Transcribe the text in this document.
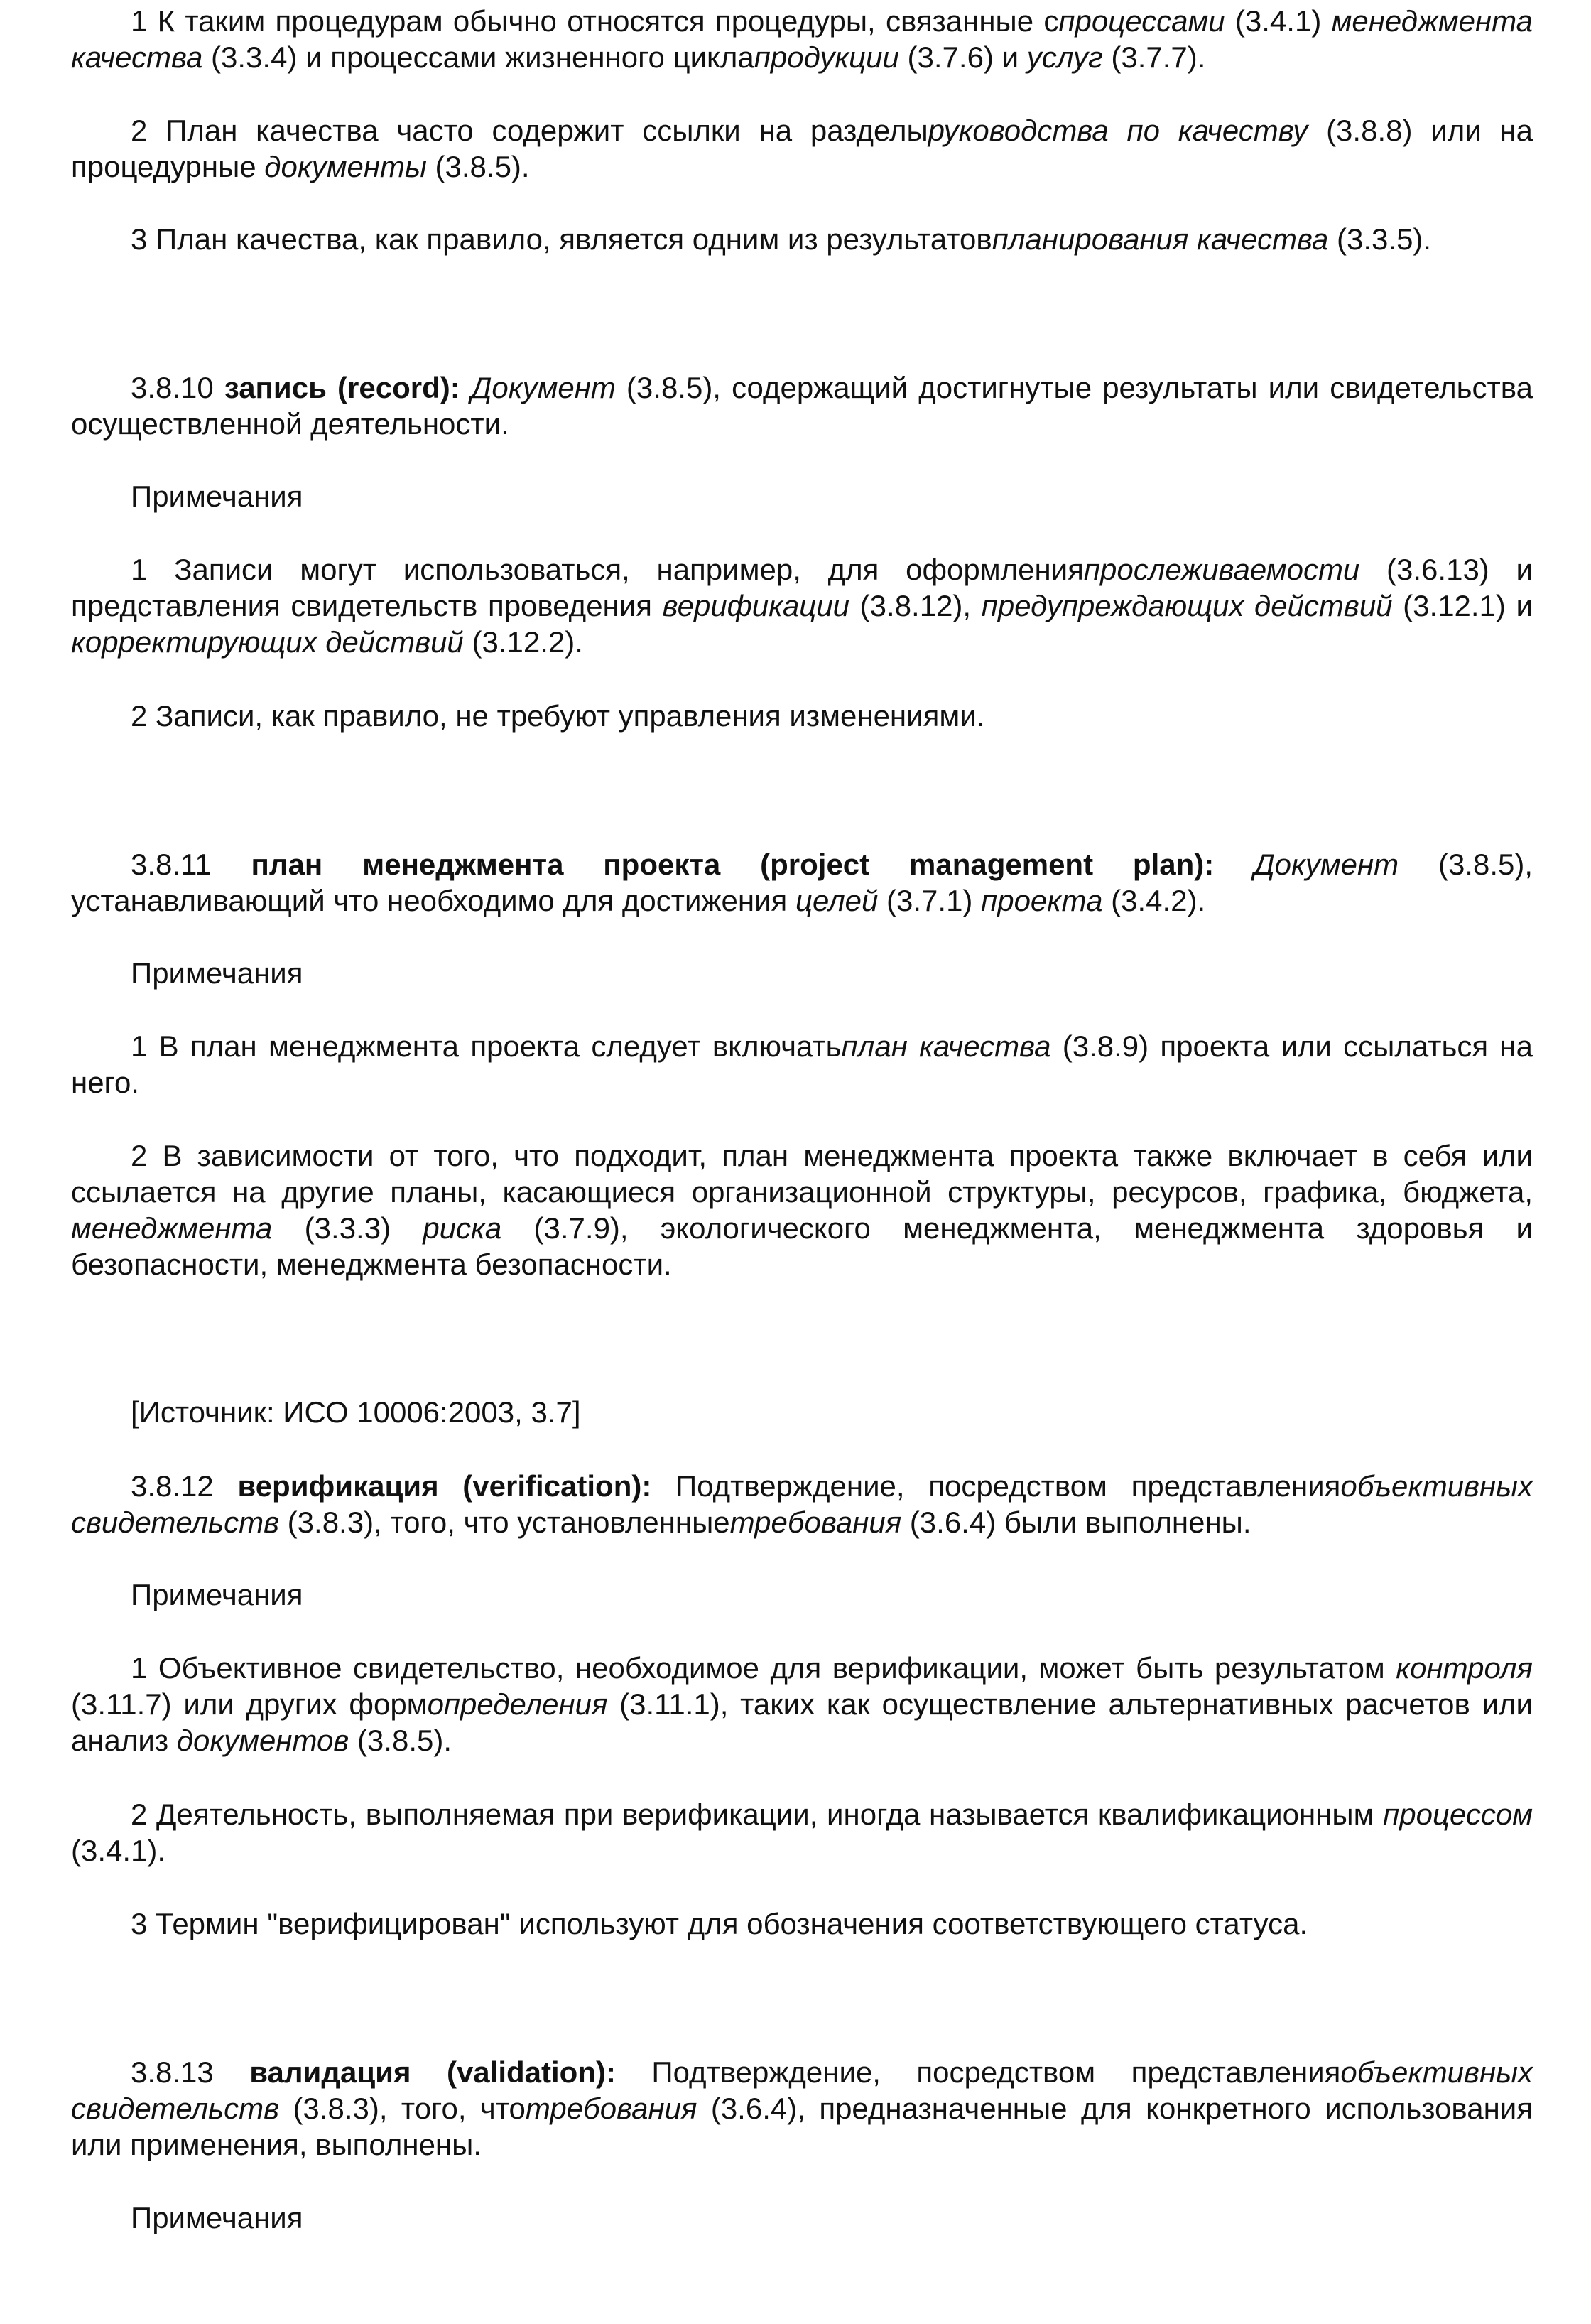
1 К таким процедурам обычно относятся процедуры, связанные спроцессами (3.4.1) менеджмента качества (3.3.4) и процессами жизненного циклапродукции (3.7.6) и услуг (3.7.7).

2 План качества часто содержит ссылки на разделыруководства по качеству (3.8.8) или на процедурные документы (3.8.5).

3 План качества, как правило, является одним из результатовпланирования качества (3.3.5).

3.8.10 запись (record): Документ (3.8.5), содержащий достигнутые результаты или свидетельства осуществленной деятельности.

Примечания

1 Записи могут использоваться, например, для оформленияпрослеживаемости (3.6.13) и представления свидетельств проведения верификации (3.8.12), предупреждающих действий (3.12.1) и корректирующих действий (3.12.2).

2 Записи, как правило, не требуют управления изменениями.

3.8.11 план менеджмента проекта (project management plan): Документ (3.8.5), устанавливающий что необходимо для достижения целей (3.7.1) проекта (3.4.2).

Примечания

1 В план менеджмента проекта следует включатьплан качества (3.8.9) проекта или ссылаться на него.

2 В зависимости от того, что подходит, план менеджмента проекта также включает в себя или ссылается на другие планы, касающиеся организационной структуры, ресурсов, графика, бюджета, менеджмента (3.3.3) риска (3.7.9), экологического менеджмента, менеджмента здоровья и безопасности, менеджмента безопасности.

[Источник: ИСО 10006:2003, 3.7]

3.8.12 верификация (verification): Подтверждение, посредством представленияобъективных свидетельств (3.8.3), того, что установленныетребования (3.6.4) были выполнены.

Примечания

1 Объективное свидетельство, необходимое для верификации, может быть результатом контроля (3.11.7) или других формопределения (3.11.1), таких как осуществление альтернативных расчетов или анализ документов (3.8.5).

2 Деятельность, выполняемая при верификации, иногда называется квалификационным процессом (3.4.1).

3 Термин "верифицирован" используют для обозначения соответствующего статуса.

3.8.13 валидация (validation): Подтверждение, посредством представленияобъективных свидетельств (3.8.3), того, чтотребования (3.6.4), предназначенные для конкретного использования или применения, выполнены.

Примечания
